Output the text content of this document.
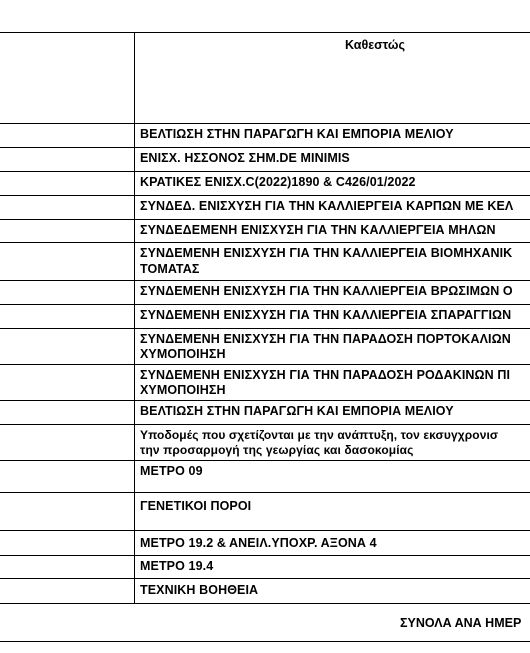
Καθεστώς
ΒΕΛΤΙΩΣΗ ΣΤΗΝ ΠΑΡΑΓΩΓΗ ΚΑΙ ΕΜΠΟΡΙΑ ΜΕΛΙΟΥ
ΕΝΙΣΧ. ΗΣΣΟΝΟΣ ΣΗΜ.DE MINIMIS
ΚΡΑΤΙΚΕΣ ΕΝΙΣΧ.C(2022)1890 & C426/01/2022
ΣΥΝΔΕΔ. ΕΝΙΣΧΥΣΗ ΓΙΑ ΤΗΝ ΚΑΛΛΙΕΡΓΕΙΑ ΚΑΡΠΩΝ ΜΕ ΚΕΛ
ΣΥΝΔΕΔΕΜΕΝΗ ΕΝΙΣΧΥΣΗ ΓΙΑ ΤΗΝ ΚΑΛΛΙΕΡΓΕΙΑ ΜΗΛΩΝ
ΣΥΝΔΕΜΕΝΗ ΕΝΙΣΧΥΣΗ ΓΙΑ ΤΗΝ ΚΑΛΛΙΕΡΓΕΙΑ ΒΙΟΜΗΧΑΝΙΚ
ΤΟΜΑΤΑΣ
ΣΥΝΔΕΜΕΝΗ ΕΝΙΣΧΥΣΗ ΓΙΑ ΤΗΝ ΚΑΛΛΙΕΡΓΕΙΑ ΒΡΩΣΙΜΩΝ Ο
ΣΥΝΔΕΜΕΝΗ ΕΝΙΣΧΥΣΗ ΓΙΑ ΤΗΝ ΚΑΛΛΙΕΡΓΕΙΑ ΣΠΑΡΑΓΓΙΩΝ
ΣΥΝΔΕΜΕΝΗ ΕΝΙΣΧΥΣΗ ΓΙΑ ΤΗΝ ΠΑΡΑΔΟΣΗ ΠΟΡΤΟΚΑΛΙΩΝ
ΧΥΜΟΠΟΙΗΣΗ
ΣΥΝΔΕΜΕΝΗ ΕΝΙΣΧΥΣΗ ΓΙΑ ΤΗΝ ΠΑΡΑΔΟΣΗ ΡΟΔΑΚΙΝΩΝ ΠΙ
ΧΥΜΟΠΟΙΗΣΗ
ΒΕΛΤΙΩΣΗ ΣΤΗΝ ΠΑΡΑΓΩΓΗ ΚΑΙ ΕΜΠΟΡΙΑ ΜΕΛΙΟΥ
Υποδομές που σχετίζονται με την ανάπτυξη, τον εκσυγχρονισ
την προσαρμογή της γεωργίας και δασοκομίας
ΜΕΤΡΟ 09
ΓΕΝΕΤΙΚΟΙ ΠΟΡΟΙ
ΜΕΤΡΟ 19.2 & ΑΝΕΙΛ.ΥΠΟΧΡ. ΑΞΟΝΑ 4
ΜΕΤΡΟ 19.4
ΤΕΧΝΙΚΗ ΒΟΗΘΕΙΑ
ΣΥΝΟΛΑ ΑΝΑ ΗΜΕΡ
